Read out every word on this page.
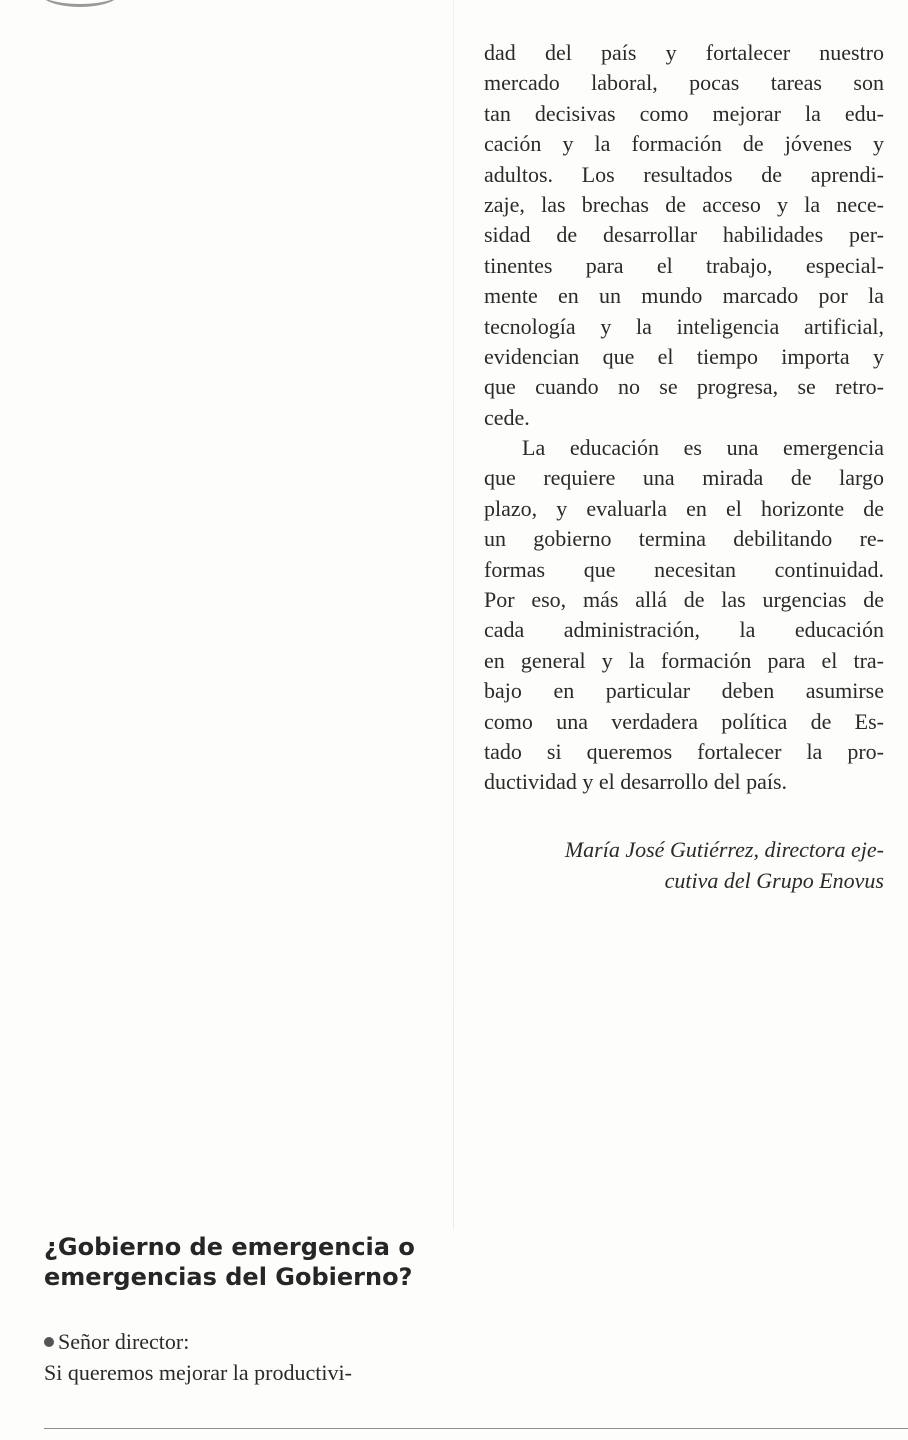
dad del país y fortalecer nuestro
mercado laboral, pocas tareas son
tan decisivas como mejorar la edu-
cación y la formación de jóvenes y
adultos. Los resultados de aprendi-
zaje, las brechas de acceso y la nece-
sidad de desarrollar habilidades per-
tinentes para el trabajo, especial-
mente en un mundo marcado por la
tecnología y la inteligencia artificial,
evidencian que el tiempo importa y
que cuando no se progresa, se retro-
cede.
La educación es una emergencia
que requiere una mirada de largo
plazo, y evaluarla en el horizonte de
un gobierno termina debilitando re-
formas que necesitan continuidad.
Por eso, más allá de las urgencias de
cada administración, la educación
en general y la formación para el tra-
bajo en particular deben asumirse
como una verdadera política de Es-
tado si queremos fortalecer la pro-
ductividad y el desarrollo del país.
María José Gutiérrez, directora eje-
cutiva del Grupo Enovus
¿Gobierno de emergencia o
emergencias del Gobierno?
Señor director:
Si queremos mejorar la productivi-
